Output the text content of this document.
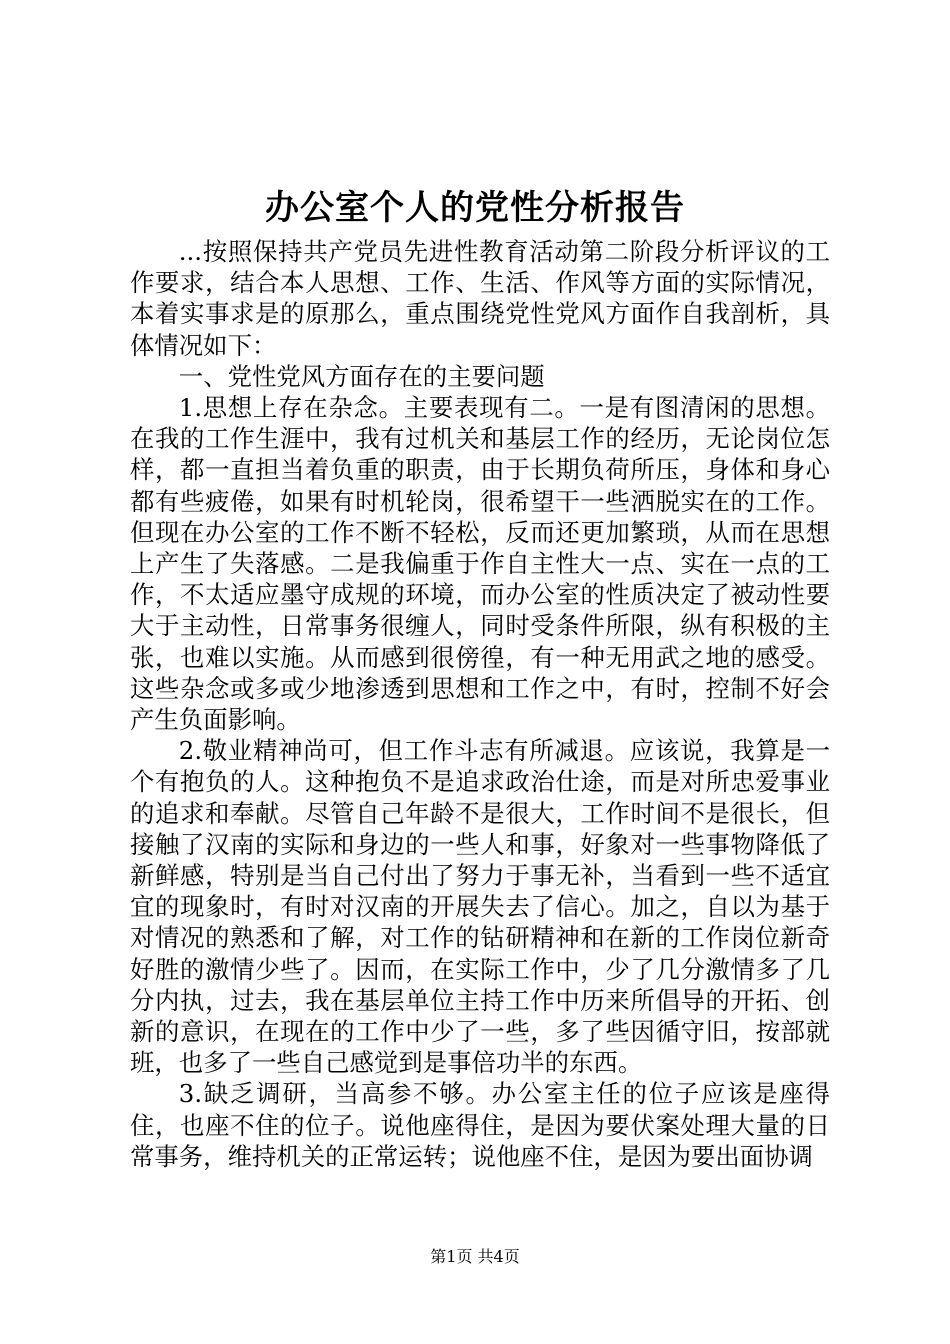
办公室个人的党性分析报告

...按照保持共产党员先进性教育活动第二阶段分析评议的工作要求，结合本人思想、工作、生活、作风等方面的实际情况，本着实事求是的原那么，重点围绕党性党风方面作自我剖析，具体情况如下：

一、党性党风方面存在的主要问题

1.思想上存在杂念。主要表现有二。一是有图清闲的思想。在我的工作生涯中，我有过机关和基层工作的经历，无论岗位怎样，都一直担当着负重的职责，由于长期负荷所压，身体和身心都有些疲倦，如果有时机轮岗，很希望干一些洒脱实在的工作。但现在办公室的工作不断不轻松，反而还更加繁琐，从而在思想上产生了失落感。二是我偏重于作自主性大一点、实在一点的工作，不太适应墨守成规的环境，而办公室的性质决定了被动性要大于主动性，日常事务很缠人，同时受条件所限，纵有积极的主张，也难以实施。从而感到很傍徨，有一种无用武之地的感受。这些杂念或多或少地渗透到思想和工作之中，有时，控制不好会产生负面影响。

2.敬业精神尚可，但工作斗志有所减退。应该说，我算是一个有抱负的人。这种抱负不是追求政治仕途，而是对所忠爱事业的追求和奉献。尽管自己年龄不是很大，工作时间不是很长，但接触了汉南的实际和身边的一些人和事，好象对一些事物降低了新鲜感，特别是当自己付出了努力于事无补，当看到一些不适宜宜的现象时，有时对汉南的开展失去了信心。加之，自以为基于对情况的熟悉和了解，对工作的钻研精神和在新的工作岗位新奇好胜的激情少些了。因而，在实际工作中，少了几分激情多了几分内执，过去，我在基层单位主持工作中历来所倡导的开拓、创新的意识，在现在的工作中少了一些，多了些因循守旧，按部就班，也多了一些自己感觉到是事倍功半的东西。

3.缺乏调研，当高参不够。办公室主任的位子应该是座得住，也座不住的位子。说他座得住，是因为要伏案处理大量的日常事务，维持机关的正常运转；说他座不住，是因为要出面协调

第1页 共4页
